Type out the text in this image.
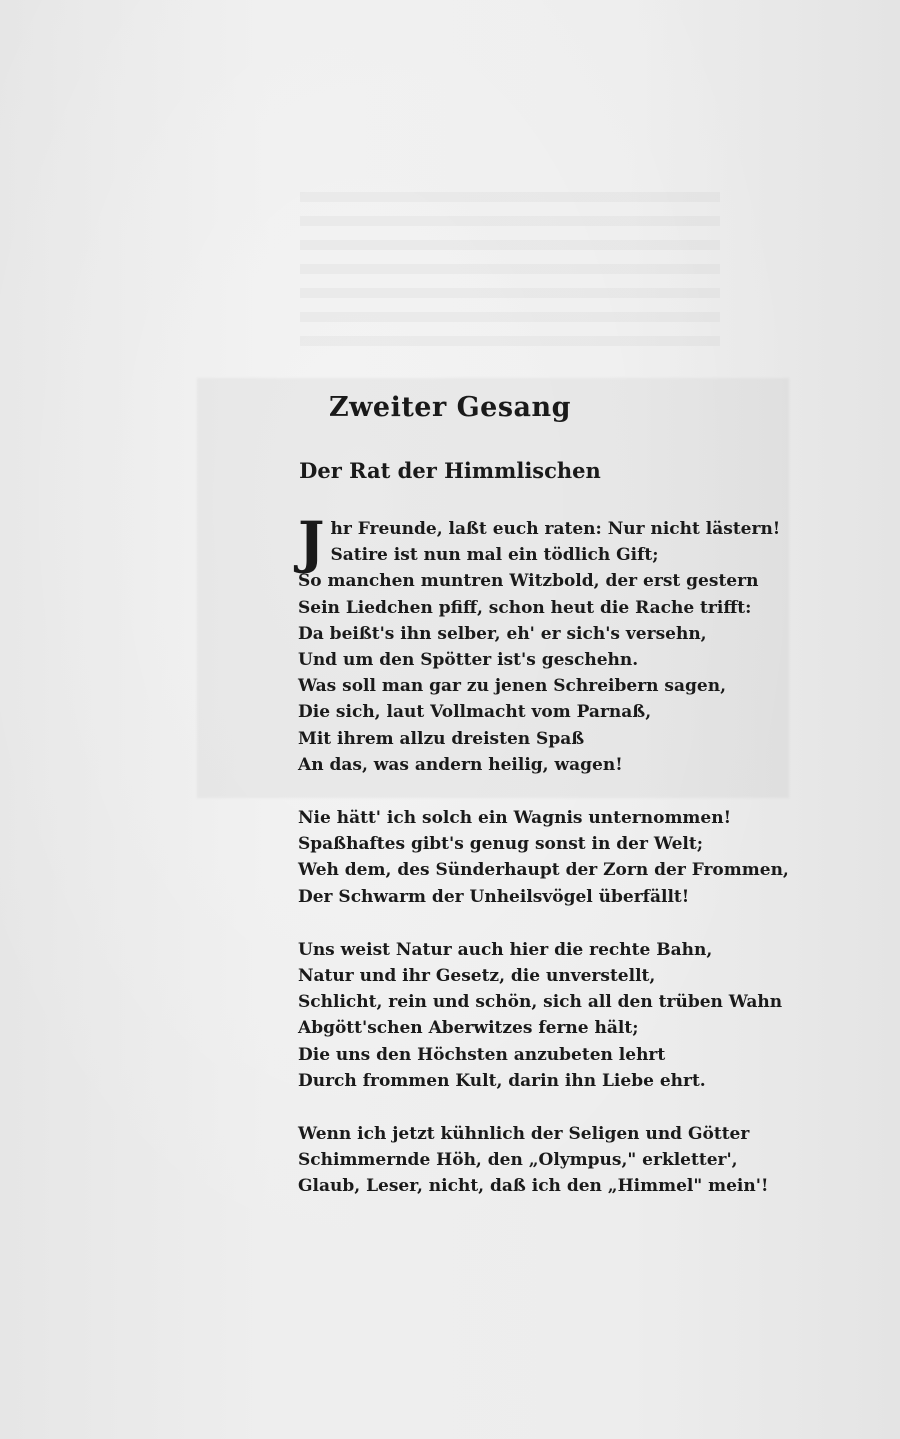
Zweiter Gesang
Der Rat der Himmlischen
J hr Freunde, laßt euch raten: Nur nicht lästern!
Satire ist nun mal ein tödlich Gift;
So manchen muntren Witzbold, der erst gestern
Sein Liedchen pfiff, schon heut die Rache trifft:
Da beißt's ihn selber, eh' er sich's versehn,
Und um den Spötter ist's geschehn.
Was soll man gar zu jenen Schreibern sagen,
Die sich, laut Vollmacht vom Parnaß,
Mit ihrem allzu dreisten Spaß
An das, was andern heilig, wagen!
Nie hätt' ich solch ein Wagnis unternommen!
Spaßhaftes gibt's genug sonst in der Welt;
Weh dem, des Sünderhaupt der Zorn der Frommen,
Der Schwarm der Unheilsvögel überfällt!
Uns weist Natur auch hier die rechte Bahn,
Natur und ihr Gesetz, die unverstellt,
Schlicht, rein und schön, sich all den trüben Wahn
Abgött'schen Aberwitzes ferne hält;
Die uns den Höchsten anzubeten lehrt
Durch frommen Kult, darin ihn Liebe ehrt.
Wenn ich jetzt kühnlich der Seligen und Götter
Schimmernde Höh, den „Olympus," erkletter',
Glaub, Leser, nicht, daß ich den „Himmel" mein'!
